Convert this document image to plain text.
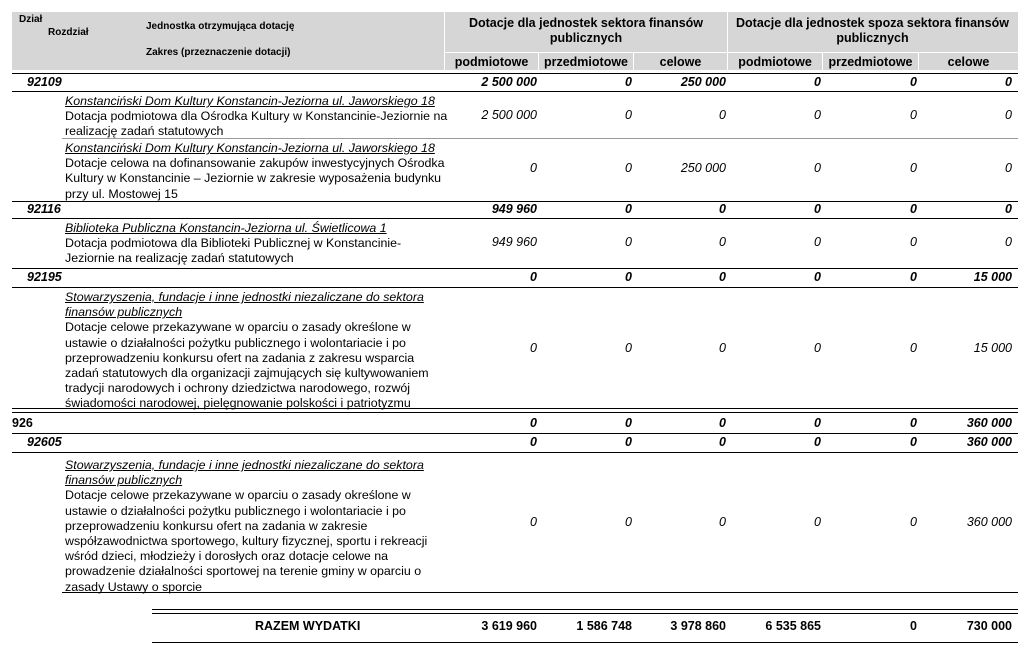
Dział
Rozdział
Jednostka otrzymująca dotację
Zakres (przeznaczenie dotacji)
Dotacje dla jednostek sektora finansów publicznych
Dotacje dla jednostek spoza sektora finansów publicznych
podmiotowe	przedmiotowe	celowe	podmiotowe	przedmiotowe	celowe
92109	2 500 000	0	250 000	0	0	0
Konstanciński Dom Kultury Konstancin-Jeziorna ul. Jaworskiego 18
Dotacja podmiotowa dla Ośrodka Kultury w Konstancinie-Jeziornie na realizację zadań statutowych
2 500 000	0	0	0	0	0
Konstanciński Dom Kultury Konstancin-Jeziorna ul. Jaworskiego 18
Dotacje celowa na dofinansowanie zakupów inwestycyjnych Ośrodka Kultury w Konstancinie – Jeziornie w zakresie wyposażenia budynku przy ul. Mostowej 15
0	0	250 000	0	0	0
92116	949 960	0	0	0	0	0
Biblioteka Publiczna Konstancin-Jeziorna ul. Świetlicowa 1
Dotacja podmiotowa dla Biblioteki Publicznej w Konstancinie-Jeziornie na realizację zadań statutowych
949 960	0	0	0	0	0
92195	0	0	0	0	0	15 000
Stowarzyszenia, fundacje i inne jednostki niezaliczane do sektora finansów publicznych
Dotacje celowe przekazywane w oparciu o zasady określone w ustawie o działalności pożytku publicznego i wolontariacie i po przeprowadzeniu konkursu ofert na zadania z zakresu wsparcia zadań statutowych dla organizacji zajmujących się kultywowaniem tradycji narodowych i ochrony dziedzictwa narodowego, rozwój świadomości narodowej, pielęgnowanie polskości i patriotyzmu
0	0	0	0	0	15 000
926	0	0	0	0	0	360 000
92605	0	0	0	0	0	360 000
Stowarzyszenia, fundacje i inne jednostki niezaliczane do sektora finansów publicznych
Dotacje celowe przekazywane w oparciu o zasady określone w ustawie o działalności pożytku publicznego i wolontariacie i po przeprowadzeniu konkursu ofert na zadania w zakresie współzawodnictwa sportowego, kultury fizycznej, sportu i rekreacji wśród dzieci, młodzieży i dorosłych oraz dotacje celowe na prowadzenie działalności sportowej na terenie gminy w oparciu o zasady Ustawy o sporcie
0	0	0	0	0	360 000
RAZEM WYDATKI	3 619 960	1 586 748	3 978 860	6 535 865	0	730 000
